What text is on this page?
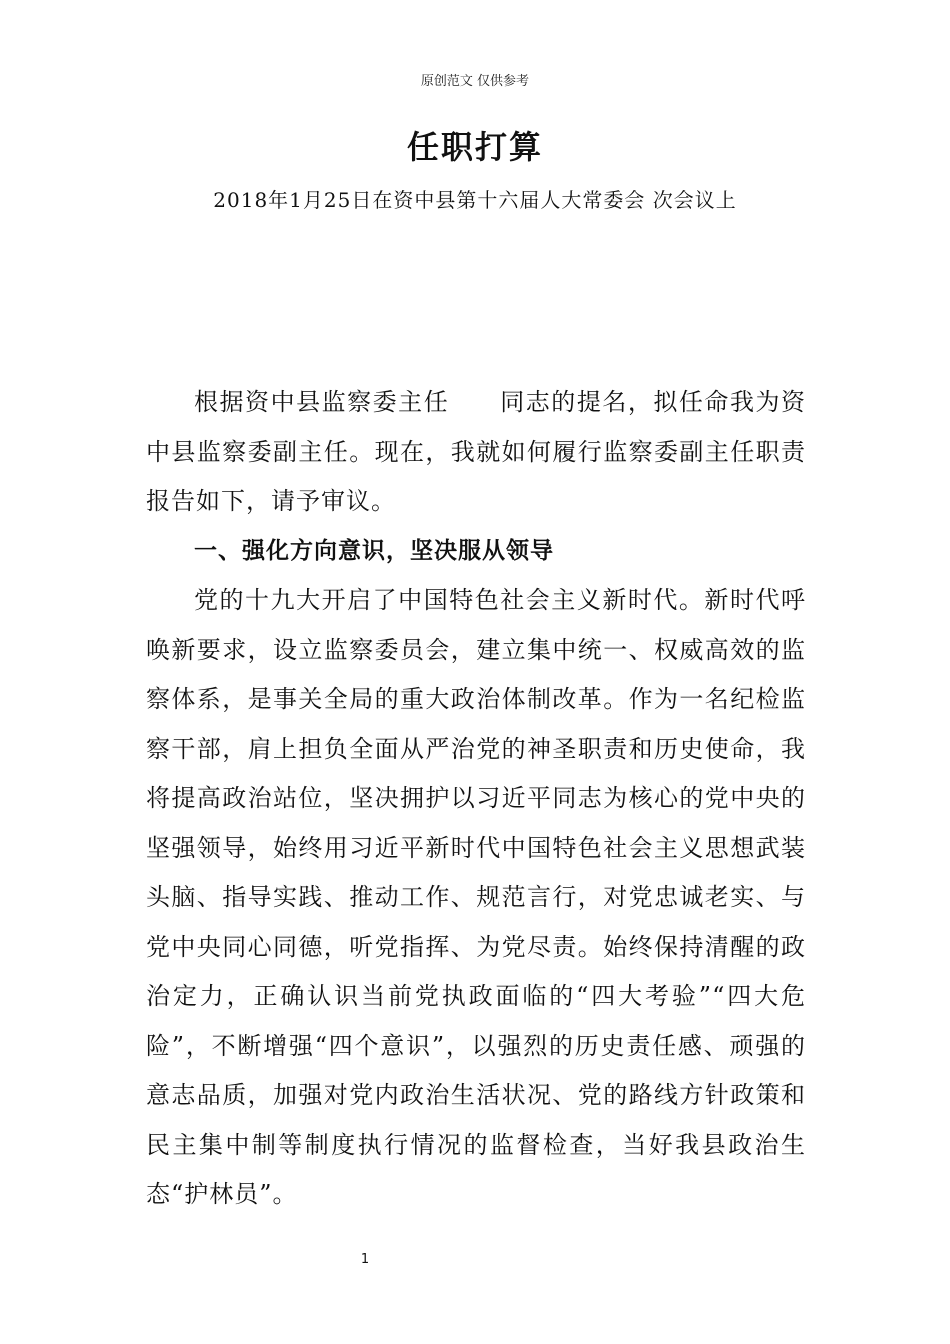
原创范文 仅供参考
任职打算
2018年1月25日在资中县第十六届人大常委会 次会议上

根据资中县监察委主任　　同志的提名，拟任命我为资中县监察委副主任。现在，我就如何履行监察委副主任职责报告如下，请予审议。

一、强化方向意识，坚决服从领导

党的十九大开启了中国特色社会主义新时代。新时代呼唤新要求，设立监察委员会，建立集中统一、权威高效的监察体系，是事关全局的重大政治体制改革。作为一名纪检监察干部，肩上担负全面从严治党的神圣职责和历史使命，我将提高政治站位，坚决拥护以习近平同志为核心的党中央的坚强领导，始终用习近平新时代中国特色社会主义思想武装头脑、指导实践、推动工作、规范言行，对党忠诚老实、与党中央同心同德，听党指挥、为党尽责。始终保持清醒的政治定力，正确认识当前党执政面临的“四大考验”“四大危险”，不断增强“四个意识”，以强烈的历史责任感、顽强的意志品质，加强对党内政治生活状况、党的路线方针政策和民主集中制等制度执行情况的监督检查，当好我县政治生态“护林员”。

1
